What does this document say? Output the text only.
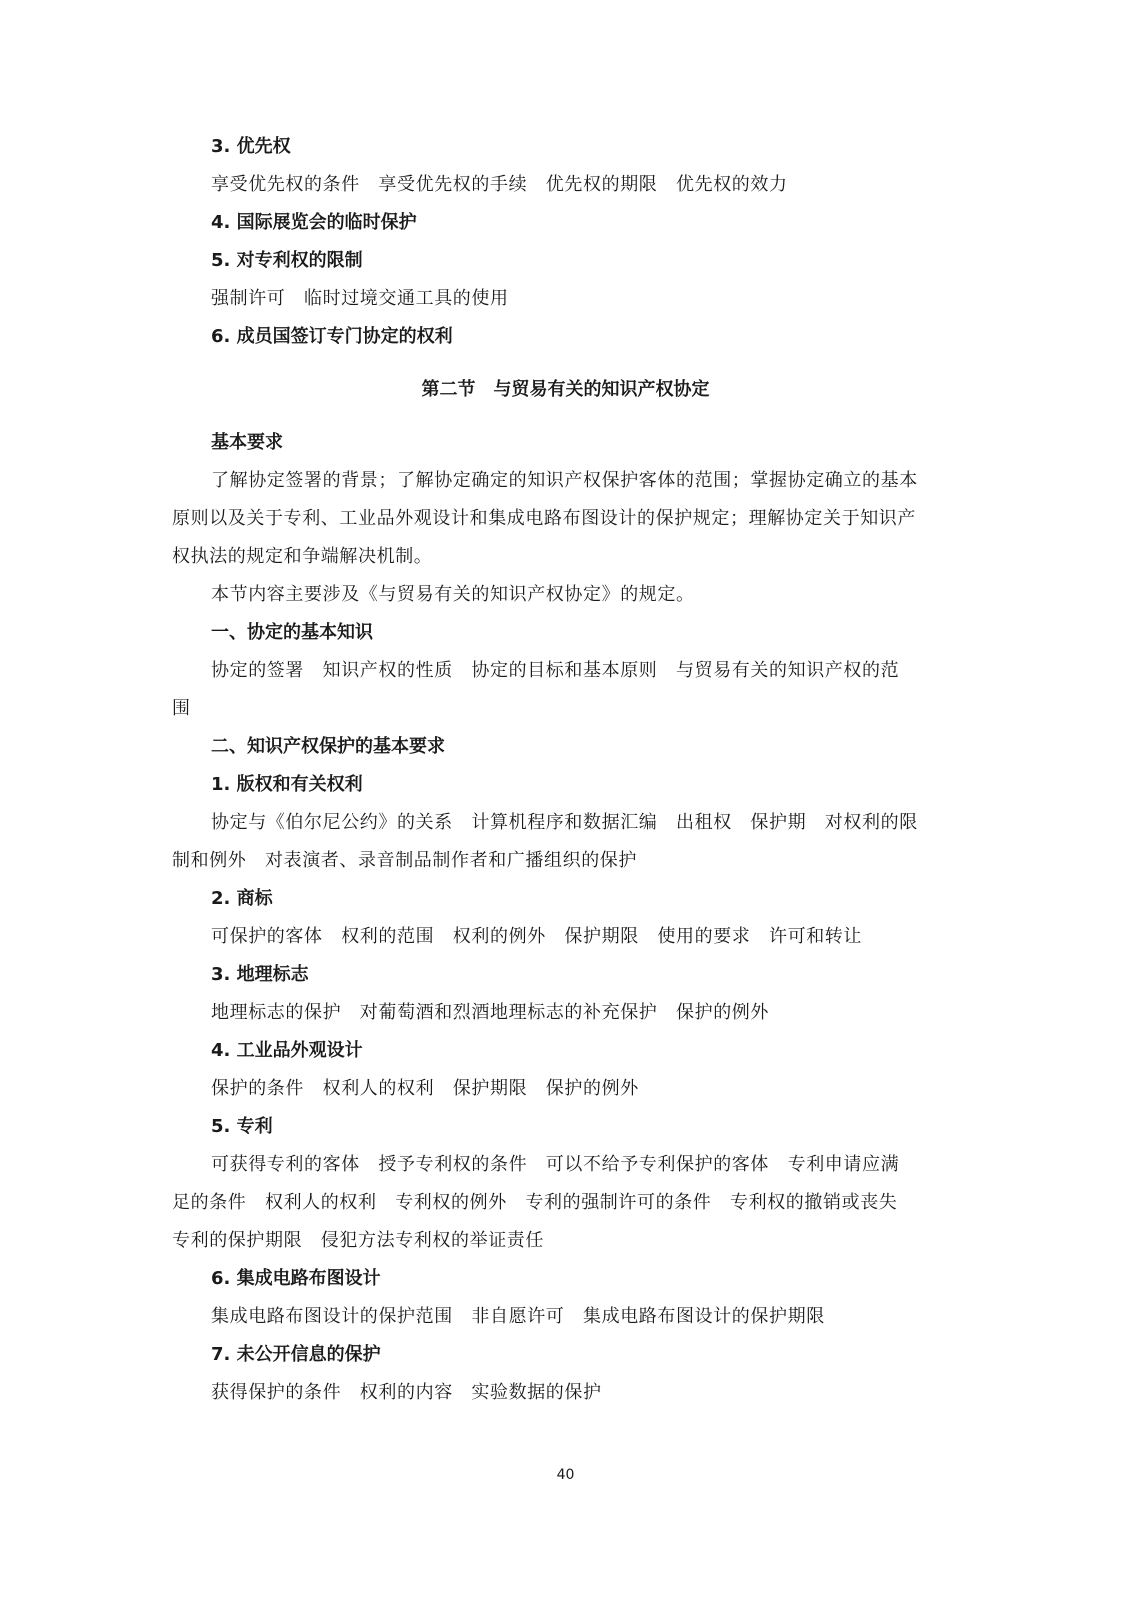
3. 优先权
享受优先权的条件　享受优先权的手续　优先权的期限　优先权的效力
4. 国际展览会的临时保护
5. 对专利权的限制
强制许可　临时过境交通工具的使用
6. 成员国签订专门协定的权利
第二节　与贸易有关的知识产权协定
基本要求
了解协定签署的背景；了解协定确定的知识产权保护客体的范围；掌握协定确立的基本
原则以及关于专利、工业品外观设计和集成电路布图设计的保护规定；理解协定关于知识产
权执法的规定和争端解决机制。
本节内容主要涉及《与贸易有关的知识产权协定》的规定。
一、协定的基本知识
协定的签署　知识产权的性质　协定的目标和基本原则　与贸易有关的知识产权的范
围
二、知识产权保护的基本要求
1. 版权和有关权利
协定与《伯尔尼公约》的关系　计算机程序和数据汇编　出租权　保护期　对权利的限
制和例外　对表演者、录音制品制作者和广播组织的保护
2. 商标
可保护的客体　权利的范围　权利的例外　保护期限　使用的要求　许可和转让
3. 地理标志
地理标志的保护　对葡萄酒和烈酒地理标志的补充保护　保护的例外
4. 工业品外观设计
保护的条件　权利人的权利　保护期限　保护的例外
5. 专利
可获得专利的客体　授予专利权的条件　可以不给予专利保护的客体　专利申请应满
足的条件　权利人的权利　专利权的例外　专利的强制许可的条件　专利权的撤销或丧失
专利的保护期限　侵犯方法专利权的举证责任
6. 集成电路布图设计
集成电路布图设计的保护范围　非自愿许可　集成电路布图设计的保护期限
7. 未公开信息的保护
获得保护的条件　权利的内容　实验数据的保护
40
